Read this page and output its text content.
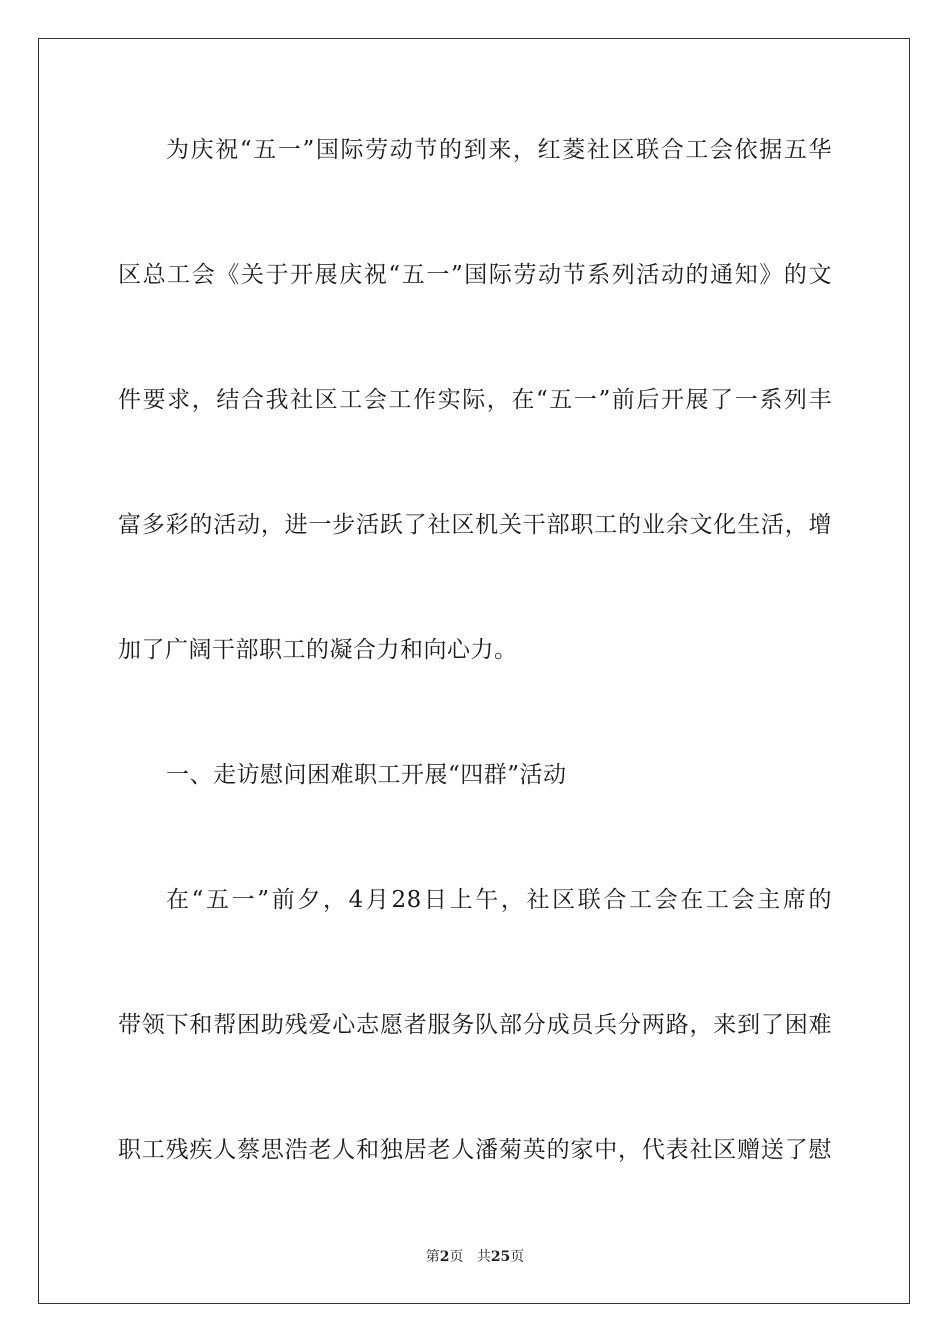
为庆祝“五一”国际劳动节的到来，红菱社区联合工会依据五华
区总工会《关于开展庆祝“五一”国际劳动节系列活动的通知》的文
件要求，结合我社区工会工作实际，在“五一”前后开展了一系列丰
富多彩的活动，进一步活跃了社区机关干部职工的业余文化生活，增
加了广阔干部职工的凝合力和向心力。
一、走访慰问困难职工开展“四群”活动
在“五一”前夕，4月28日上午，社区联合工会在工会主席的
带领下和帮困助残爱心志愿者服务队部分成员兵分两路，来到了困难
职工残疾人蔡思浩老人和独居老人潘菊英的家中，代表社区赠送了慰
第2页 共25页
